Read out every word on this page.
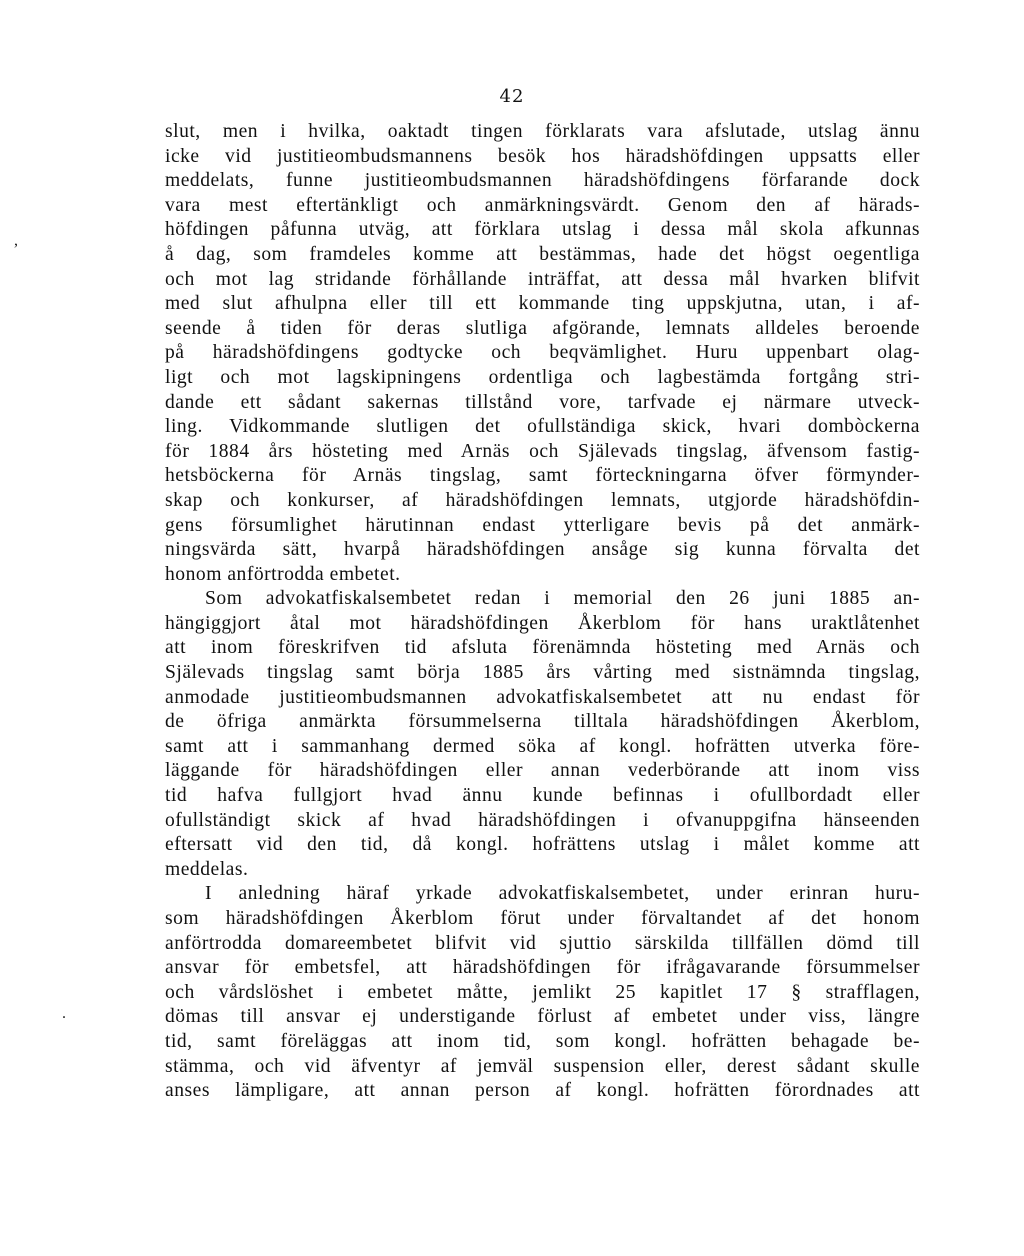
42
,
.
slut, men i hvilka, oaktadt tingen förklarats vara afslutade, utslag ännu
icke vid justitieombudsmannens besök hos häradshöfdingen uppsatts eller
meddelats, funne justitieombudsmannen häradshöfdingens förfarande dock
vara mest eftertänkligt och anmärkningsvärdt. Genom den af härads-
höfdingen påfunna utväg, att förklara utslag i dessa mål skola afkunnas
å dag, som framdeles komme att bestämmas, hade det högst oegentliga
och mot lag stridande förhållande inträffat, att dessa mål hvarken blifvit
med slut afhulpna eller till ett kommande ting uppskjutna, utan, i af-
seende å tiden för deras slutliga afgörande, lemnats alldeles beroende
på häradshöfdingens godtycke och beqvämlighet. Huru uppenbart olag-
ligt och mot lagskipningens ordentliga och lagbestämda fortgång stri-
dande ett sådant sakernas tillstånd vore, tarfvade ej närmare utveck-
ling. Vidkommande slutligen det ofullständiga skick, hvari dombòckerna
för 1884 års hösteting med Arnäs och Själevads tingslag, äfvensom fastig-
hetsböckerna för Arnäs tingslag, samt förteckningarna öfver förmynder-
skap och konkurser, af häradshöfdingen lemnats, utgjorde häradshöfdin-
gens försumlighet härutinnan endast ytterligare bevis på det anmärk-
ningsvärda sätt, hvarpå häradshöfdingen ansåge sig kunna förvalta det
honom anförtrodda embetet.
Som advokatfiskalsembetet redan i memorial den 26 juni 1885 an-
hängiggjort åtal mot häradshöfdingen Åkerblom för hans uraktlåtenhet
att inom föreskrifven tid afsluta förenämnda hösteting med Arnäs och
Själevads tingslag samt börja 1885 års vårting med sistnämnda tingslag,
anmodade justitieombudsmannen advokatfiskalsembetet att nu endast för
de öfriga anmärkta försummelserna tilltala häradshöfdingen Åkerblom,
samt att i sammanhang dermed söka af kongl. hofrätten utverka före-
läggande för häradshöfdingen eller annan vederbörande att inom viss
tid hafva fullgjort hvad ännu kunde befinnas i ofullbordadt eller
ofullständigt skick af hvad häradshöfdingen i ofvanuppgifna hänseenden
eftersatt vid den tid, då kongl. hofrättens utslag i målet komme att
meddelas.
I anledning häraf yrkade advokatfiskalsembetet, under erinran huru-
som häradshöfdingen Åkerblom förut under förvaltandet af det honom
anförtrodda domareembetet blifvit vid sjuttio särskilda tillfällen dömd till
ansvar för embetsfel, att häradshöfdingen för ifrågavarande försummelser
och vårdslöshet i embetet måtte, jemlikt 25 kapitlet 17 § strafflagen,
dömas till ansvar ej understigande förlust af embetet under viss, längre
tid, samt föreläggas att inom tid, som kongl. hofrätten behagade be-
stämma, och vid äfventyr af jemväl suspension eller, derest sådant skulle
anses lämpligare, att annan person af kongl. hofrätten förordnades att
